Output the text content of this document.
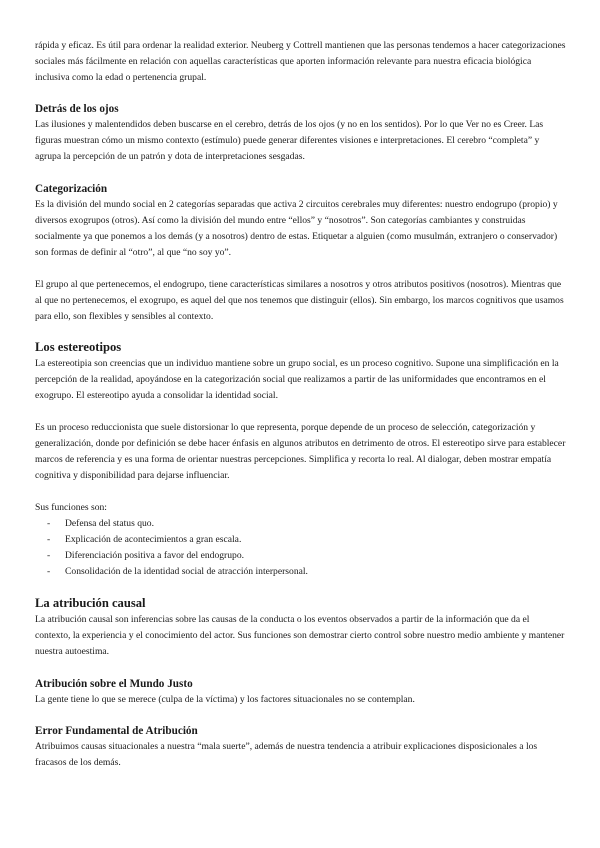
rápida y eficaz. Es útil para ordenar la realidad exterior. Neuberg y Cottrell mantienen que las personas tendemos a hacer categorizaciones sociales más fácilmente en relación con aquellas características que aporten información relevante para nuestra eficacia biológica inclusiva como la edad o pertenencia grupal.

Detrás de los ojos

Las ilusiones y malentendidos deben buscarse en el cerebro, detrás de los ojos (y no en los sentidos). Por lo que Ver no es Creer. Las figuras muestran cómo un mismo contexto (estímulo) puede generar diferentes visiones e interpretaciones. El cerebro “completa” y agrupa la percepción de un patrón y dota de interpretaciones sesgadas.

Categorización

Es la división del mundo social en 2 categorías separadas que activa 2 circuitos cerebrales muy diferentes: nuestro endogrupo (propio) y diversos exogrupos (otros). Así como la división del mundo entre “ellos” y “nosotros”. Son categorías cambiantes y construidas socialmente ya que ponemos a los demás (y a nosotros) dentro de estas. Etiquetar a alguien (como musulmán, extranjero o conservador) son formas de definir al “otro”, al que “no soy yo”.

El grupo al que pertenecemos, el endogrupo, tiene características similares a nosotros y otros atributos positivos (nosotros). Mientras que al que no pertenecemos, el exogrupo, es aquel del que nos tenemos que distinguir (ellos). Sin embargo, los marcos cognitivos que usamos para ello, son flexibles y sensibles al contexto.

Los estereotipos

La estereotipia son creencias que un individuo mantiene sobre un grupo social, es un proceso cognitivo. Supone una simplificación en la percepción de la realidad, apoyándose en la categorización social que realizamos a partir de las uniformidades que encontramos en el exogrupo. El estereotipo ayuda a consolidar la identidad social.

Es un proceso reduccionista que suele distorsionar lo que representa, porque depende de un proceso de selección, categorización y generalización, donde por definición se debe hacer énfasis en algunos atributos en detrimento de otros. El estereotipo sirve para establecer marcos de referencia y es una forma de orientar nuestras percepciones. Simplifica y recorta lo real. Al dialogar, deben mostrar empatía cognitiva y disponibilidad para dejarse influenciar.

Sus funciones son:

- Defensa del status quo.
- Explicación de acontecimientos a gran escala.
- Diferenciación positiva a favor del endogrupo.
- Consolidación de la identidad social de atracción interpersonal.
La atribución causal

La atribución causal son inferencias sobre las causas de la conducta o los eventos observados a partir de la información que da el contexto, la experiencia y el conocimiento del actor. Sus funciones son demostrar cierto control sobre nuestro medio ambiente y mantener nuestra autoestima.

Atribución sobre el Mundo Justo

La gente tiene lo que se merece (culpa de la víctima) y los factores situacionales no se contemplan.

Error Fundamental de Atribución

Atribuimos causas situacionales a nuestra “mala suerte”, además de nuestra tendencia a atribuir explicaciones disposicionales a los fracasos de los demás.
